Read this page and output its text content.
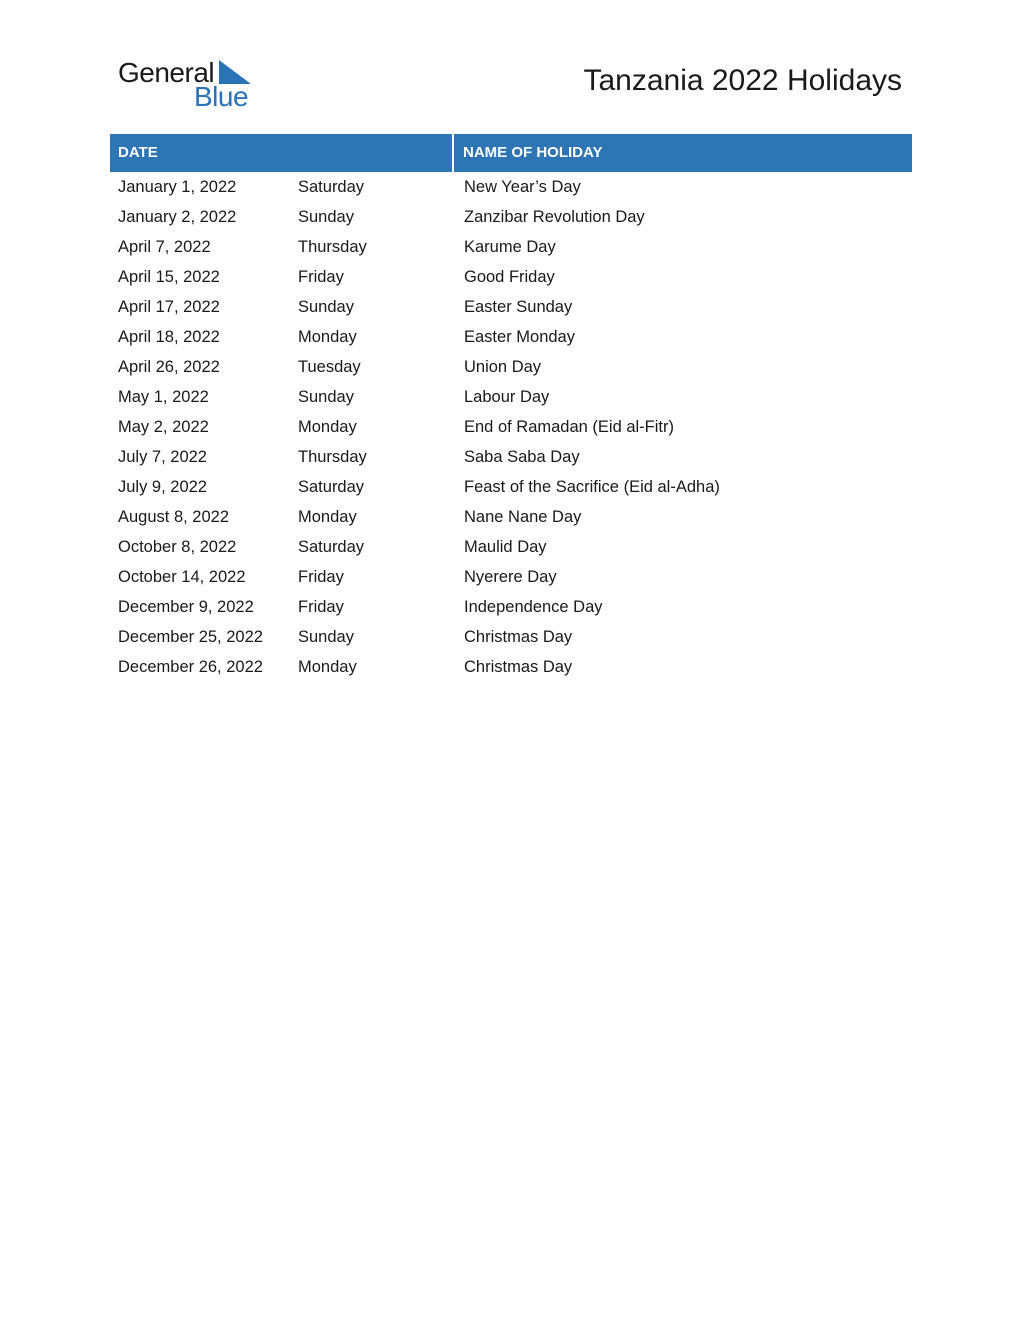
General
Blue	Tanzania 2022 Holidays
DATE	NAME OF HOLIDAY
January 1, 2022	Saturday	New Year’s Day
January 2, 2022	Sunday	Zanzibar Revolution Day
April 7, 2022	Thursday	Karume Day
April 15, 2022	Friday	Good Friday
April 17, 2022	Sunday	Easter Sunday
April 18, 2022	Monday	Easter Monday
April 26, 2022	Tuesday	Union Day
May 1, 2022	Sunday	Labour Day
May 2, 2022	Monday	End of Ramadan (Eid al-Fitr)
July 7, 2022	Thursday	Saba Saba Day
July 9, 2022	Saturday	Feast of the Sacrifice (Eid al-Adha)
August 8, 2022	Monday	Nane Nane Day
October 8, 2022	Saturday	Maulid Day
October 14, 2022	Friday	Nyerere Day
December 9, 2022	Friday	Independence Day
December 25, 2022	Sunday	Christmas Day
December 26, 2022	Monday	Christmas Day
